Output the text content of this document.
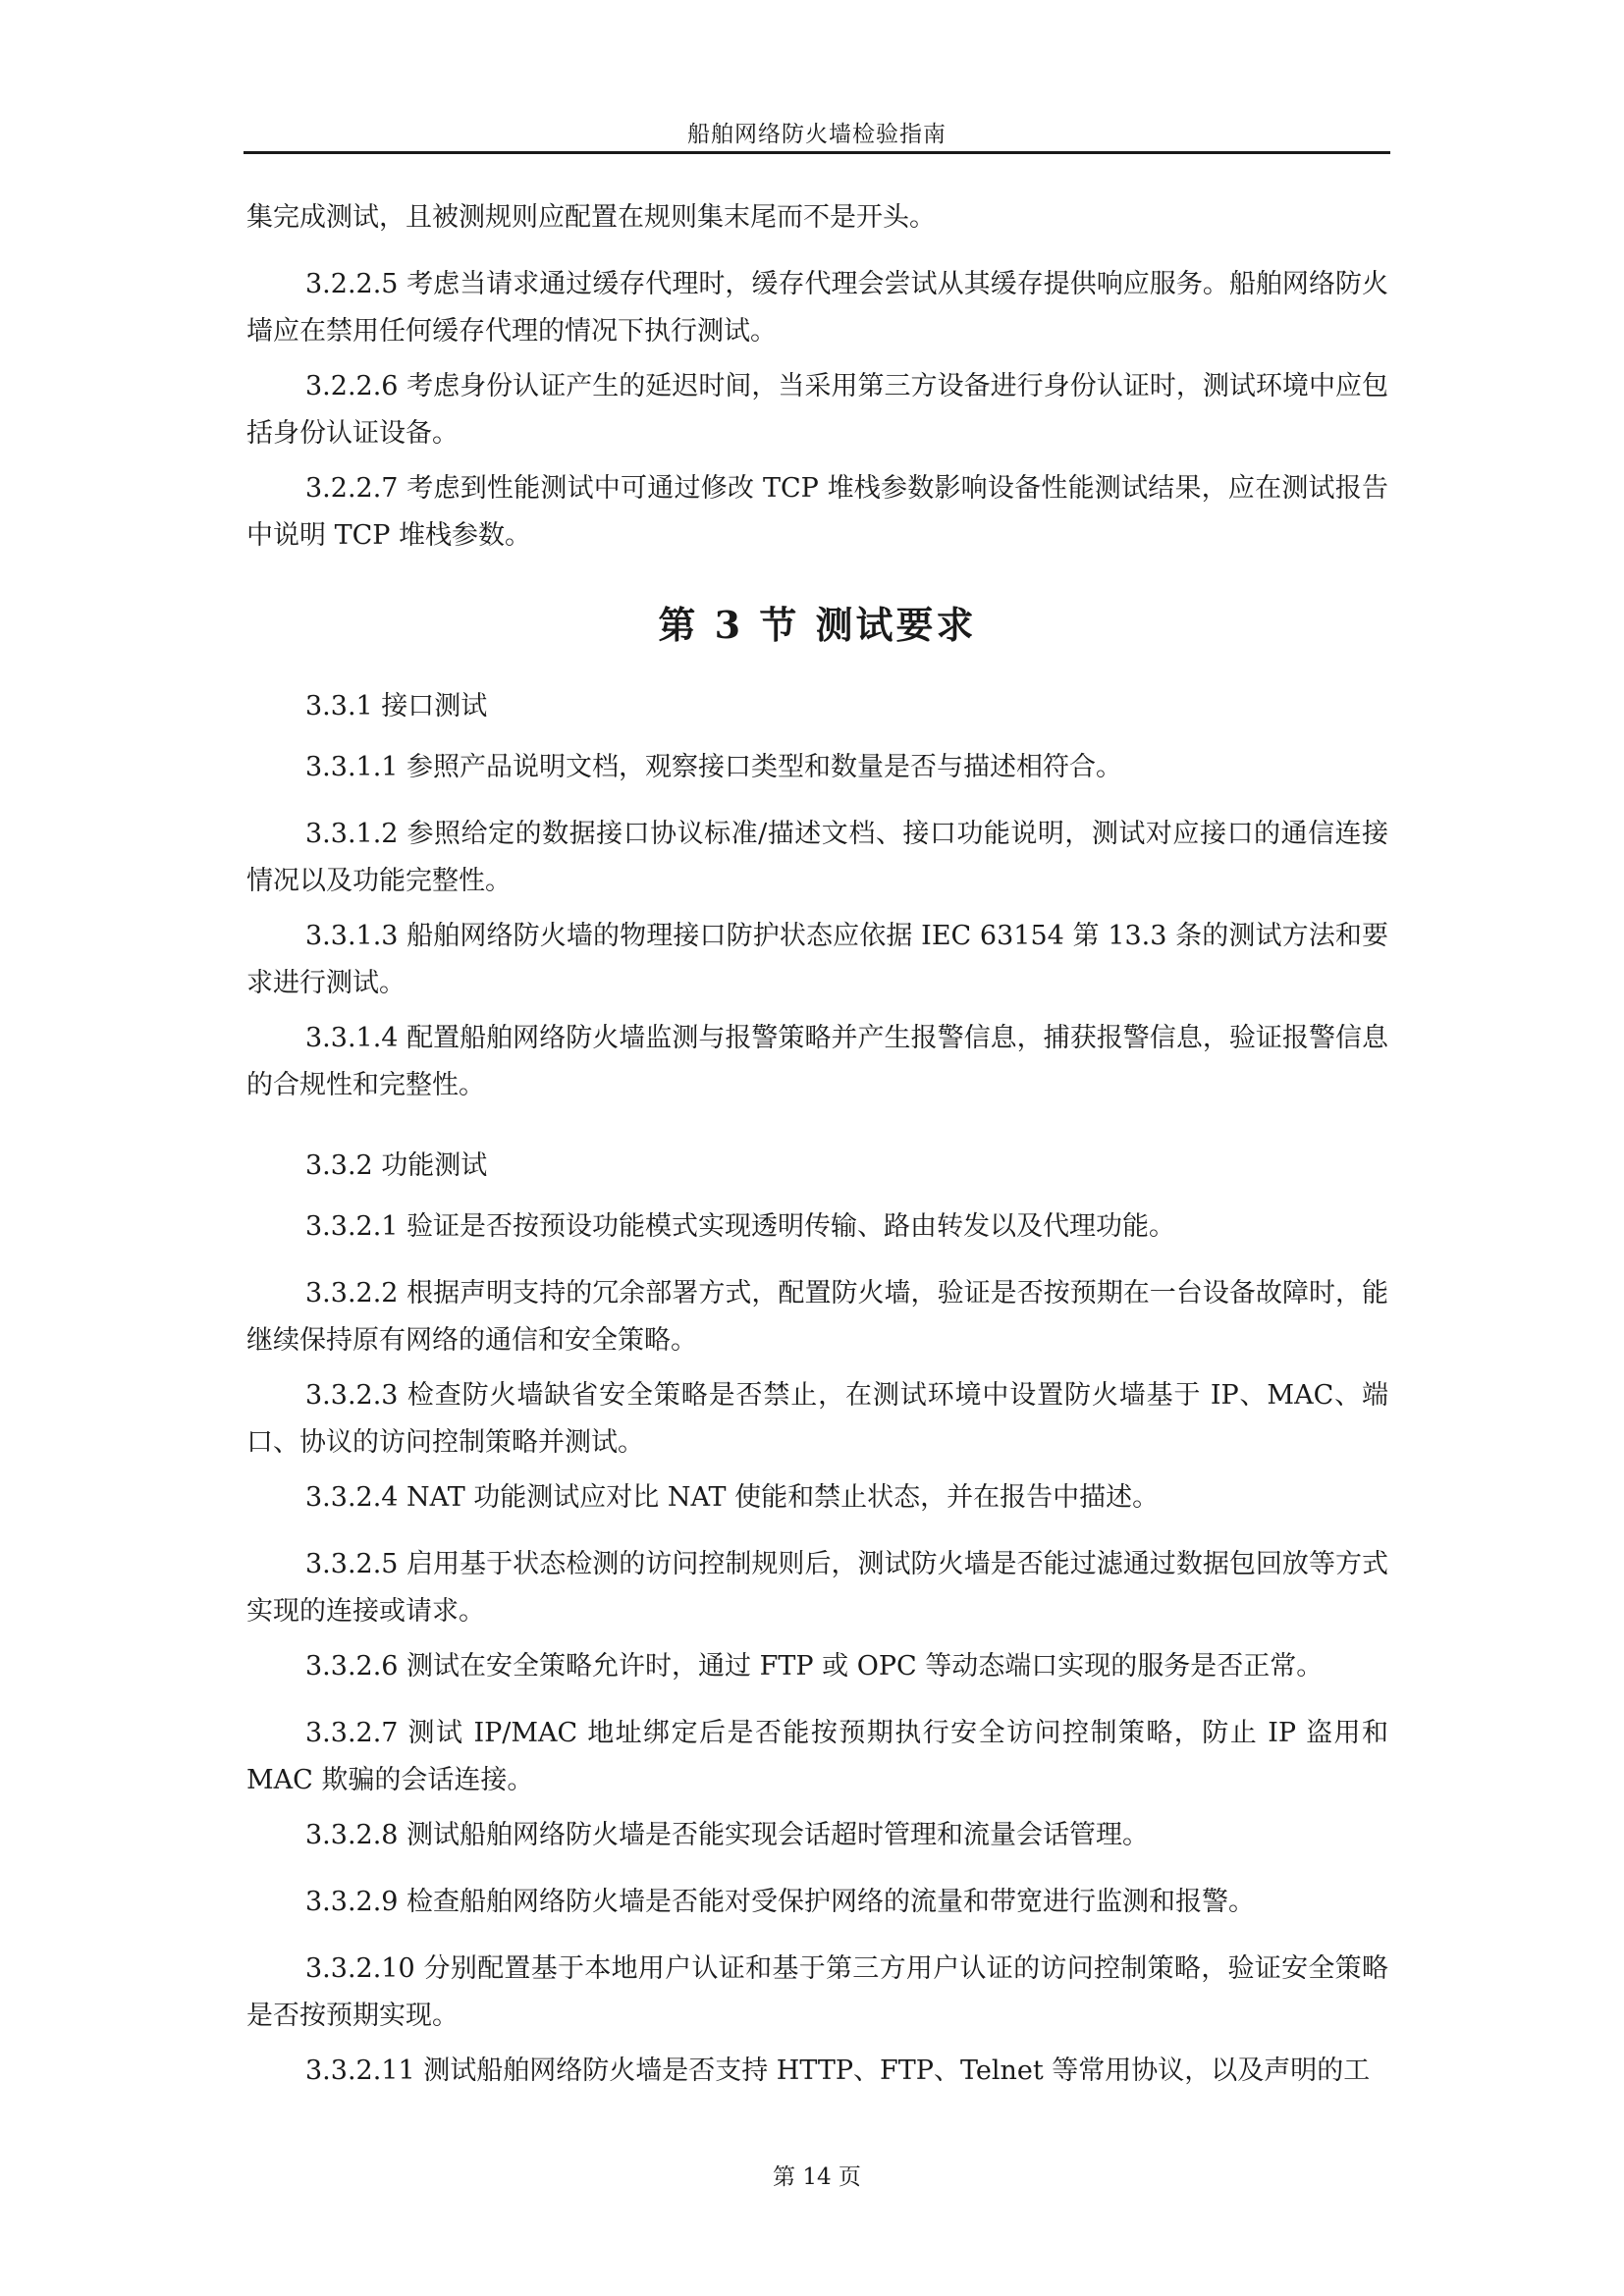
船舶网络防火墙检验指南

集完成测试，且被测规则应配置在规则集末尾而不是开头。

3.2.2.5 考虑当请求通过缓存代理时，缓存代理会尝试从其缓存提供响应服务。船舶网络防火墙应在禁用任何缓存代理的情况下执行测试。

3.2.2.6 考虑身份认证产生的延迟时间，当采用第三方设备进行身份认证时，测试环境中应包括身份认证设备。

3.2.2.7 考虑到性能测试中可通过修改 TCP 堆栈参数影响设备性能测试结果，应在测试报告中说明 TCP 堆栈参数。

第 3 节 测试要求

3.3.1 接口测试

3.3.1.1 参照产品说明文档，观察接口类型和数量是否与描述相符合。

3.3.1.2 参照给定的数据接口协议标准/描述文档、接口功能说明，测试对应接口的通信连接情况以及功能完整性。

3.3.1.3 船舶网络防火墙的物理接口防护状态应依据 IEC 63154 第 13.3 条的测试方法和要求进行测试。

3.3.1.4 配置船舶网络防火墙监测与报警策略并产生报警信息，捕获报警信息，验证报警信息的合规性和完整性。

3.3.2 功能测试

3.3.2.1 验证是否按预设功能模式实现透明传输、路由转发以及代理功能。

3.3.2.2 根据声明支持的冗余部署方式，配置防火墙，验证是否按预期在一台设备故障时，能继续保持原有网络的通信和安全策略。

3.3.2.3 检查防火墙缺省安全策略是否禁止，在测试环境中设置防火墙基于 IP、MAC、端口、协议的访问控制策略并测试。

3.3.2.4 NAT 功能测试应对比 NAT 使能和禁止状态，并在报告中描述。

3.3.2.5 启用基于状态检测的访问控制规则后，测试防火墙是否能过滤通过数据包回放等方式实现的连接或请求。

3.3.2.6 测试在安全策略允许时，通过 FTP 或 OPC 等动态端口实现的服务是否正常。

3.3.2.7 测试 IP/MAC 地址绑定后是否能按预期执行安全访问控制策略，防止 IP 盗用和MAC 欺骗的会话连接。

3.3.2.8 测试船舶网络防火墙是否能实现会话超时管理和流量会话管理。

3.3.2.9 检查船舶网络防火墙是否能对受保护网络的流量和带宽进行监测和报警。

3.3.2.10 分别配置基于本地用户认证和基于第三方用户认证的访问控制策略，验证安全策略是否按预期实现。

3.3.2.11 测试船舶网络防火墙是否支持 HTTP、FTP、Telnet 等常用协议，以及声明的工

第 14 页
